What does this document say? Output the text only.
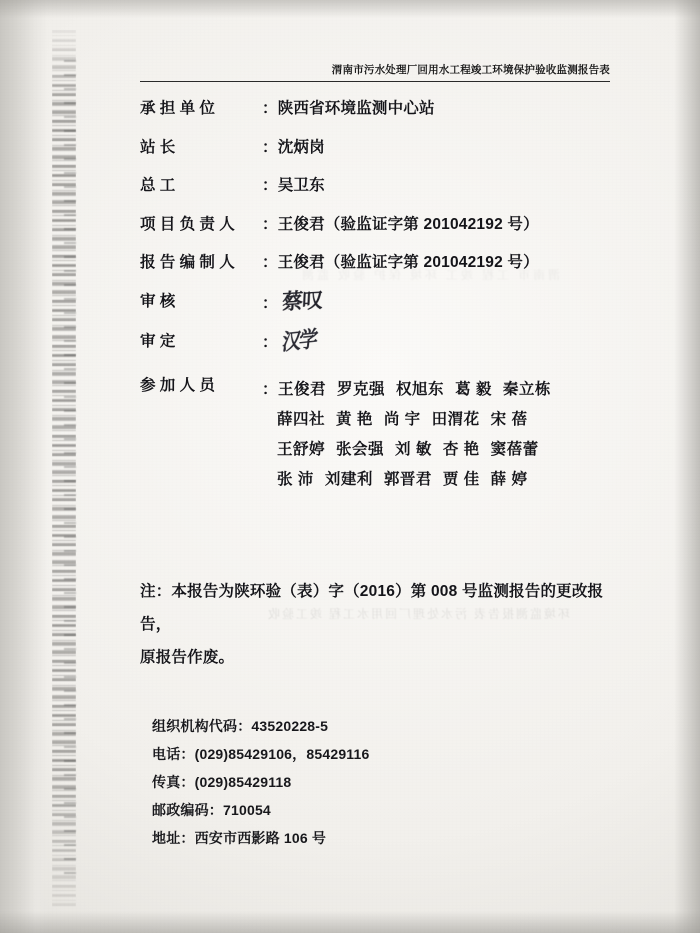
渭南市 工程 竣工 环境 保护 验收 监测
环境监测报告表 污水处理厂回用水工程 竣工验收
渭南市污水处理厂回用水工程竣工环境保护验收监测报告表
承 担 单 位	：陕西省环境监测中心站
站 长	：沈炳岗
总 工	：吴卫东
项 目 负 责 人	：王俊君（验监证字第 201042192 号）
报 告 编 制 人	：王俊君（验监证字第 201042192 号）
审 核	： 蔡叹
审 定	： 汉学
参 加 人 员	：王俊君 罗克强 权旭东 葛 毅 秦立栋
薛四社 黄 艳 尚 宇 田渭花 宋 蓓
王舒婷 张会强 刘 敏 杏 艳 窦蓓蕾
张 沛 刘建利 郭晋君 贾 佳 薛 婷
注：本报告为陕环验（表）字（2016）第 008 号监测报告的更改报告，
原报告作废。
组织机构代码：43520228-5
电话：(029)85429106，85429116
传真：(029)85429118
邮政编码：710054
地址：西安市西影路 106 号
